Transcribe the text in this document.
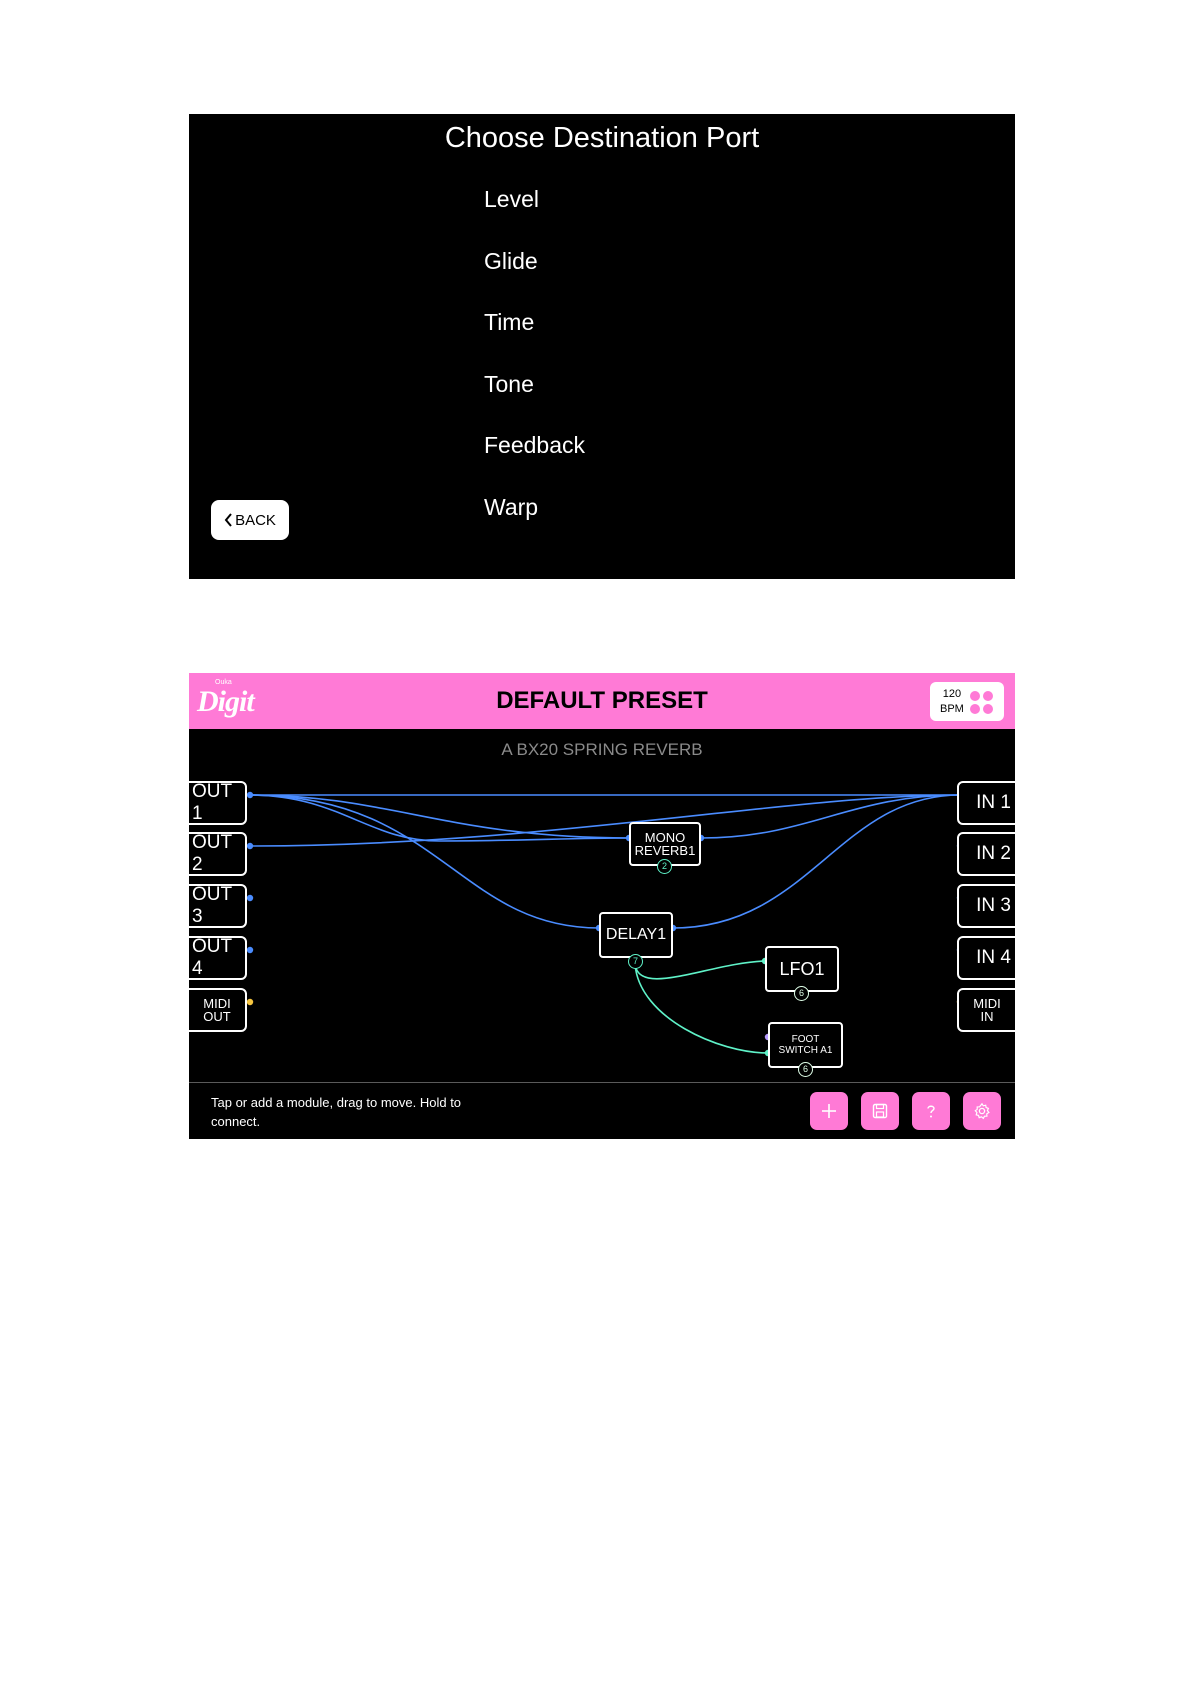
Choose Destination Port
Level
Glide
Time
Tone
Feedback
Warp
BACK
Ouka
Digit	DEFAULT PRESET	120
BPM
A BX20 SPRING REVERB
OUT 1
OUT 2
OUT 3
OUT 4
MIDI
OUT
IN 1
IN 2
IN 3
IN 4
MIDI
IN
MONO
REVERB1
2
DELAY1
7	LFO1
6
FOOT
SWITCH A1
6
Tap or add a module, drag to move. Hold to connect.
